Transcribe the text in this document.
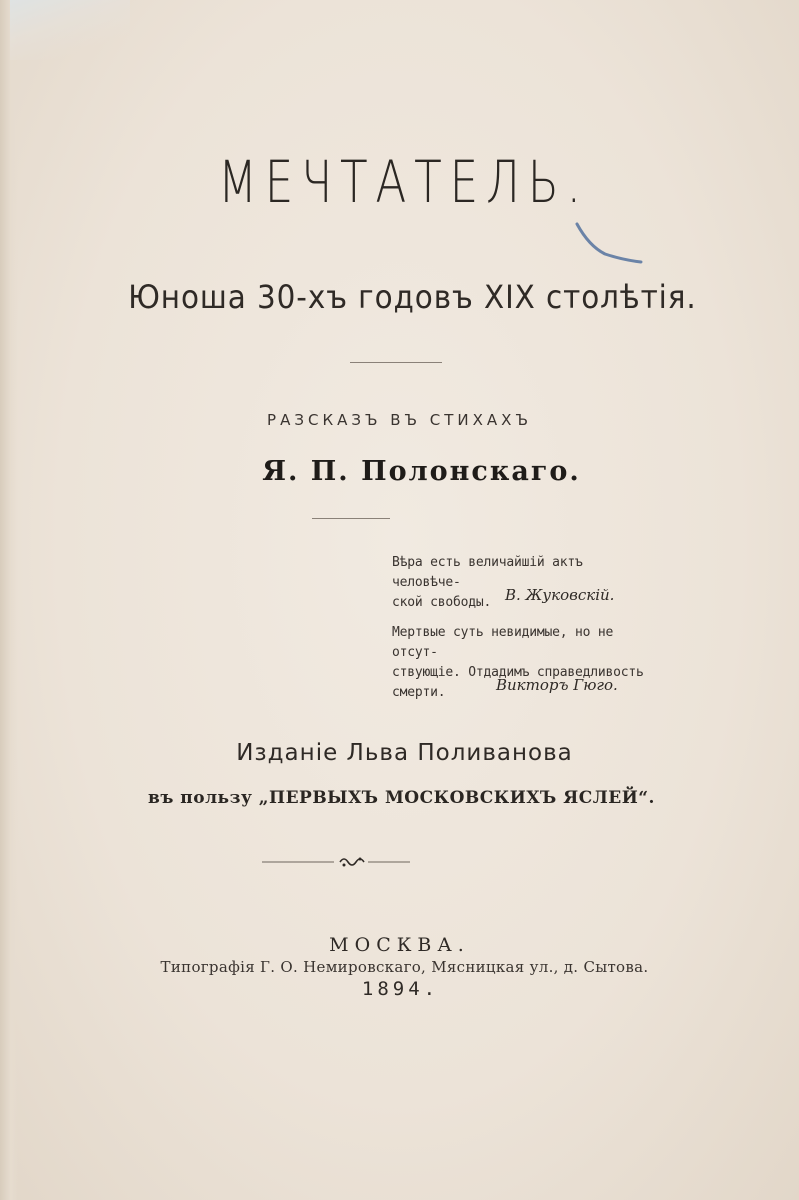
МЕЧТАТЕЛЬ.
Юноша 30-хъ годовъ XIX столѣтія.
РАЗСКАЗЪ ВЪ СТИХАХЪ
Я. П. Полонскаго.
Вѣра есть величайшій актъ человѣче-
ской свободы. В. Жуковскій.
Мертвые суть невидимые, но не отсут-
ствующіе. Отдадимъ справедливость
смерти.	Викторъ Гюго.
Изданіе Льва Поливанова
въ пользу „ПЕРВЫХЪ МОСКОВСКИХЪ ЯСЛЕЙ“.
МОСКВА.
Типографія Г. О. Немировскаго, Мясницкая ул., д. Сытова.
1894.
